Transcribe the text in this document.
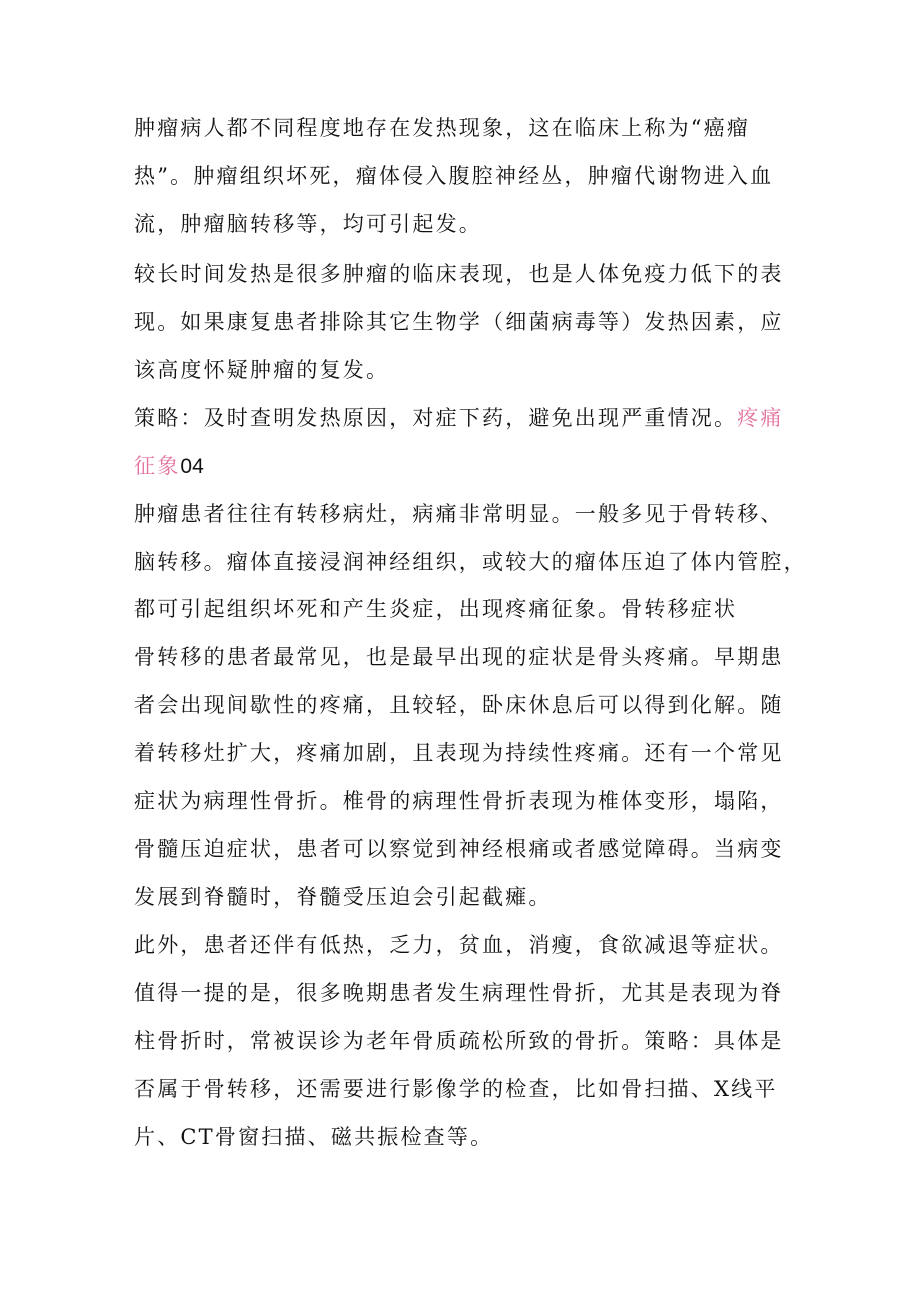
肿瘤病人都不同程度地存在发热现象，这在临床上称为“癌瘤
热”。肿瘤组织坏死，瘤体侵入腹腔神经丛，肿瘤代谢物进入血
流，肿瘤脑转移等，均可引起发。
较长时间发热是很多肿瘤的临床表现，也是人体免疫力低下的表
现。如果康复患者排除其它生物学（细菌病毒等）发热因素，应
该高度怀疑肿瘤的复发。
策略：及时查明发热原因，对症下药，避免出现严重情况。疼痛
征象04
肿瘤患者往往有转移病灶，病痛非常明显。一般多见于骨转移、
脑转移。瘤体直接浸润神经组织，或较大的瘤体压迫了体内管腔，
都可引起组织坏死和产生炎症，出现疼痛征象。骨转移症状
骨转移的患者最常见，也是最早出现的症状是骨头疼痛。早期患
者会出现间歇性的疼痛，且较轻，卧床休息后可以得到化解。随
着转移灶扩大，疼痛加剧，且表现为持续性疼痛。还有一个常见
症状为病理性骨折。椎骨的病理性骨折表现为椎体变形，塌陷，
骨髓压迫症状，患者可以察觉到神经根痛或者感觉障碍。当病变
发展到脊髓时，脊髓受压迫会引起截瘫。
此外，患者还伴有低热，乏力，贫血，消瘦，食欲减退等症状。
值得一提的是，很多晚期患者发生病理性骨折，尤其是表现为脊
柱骨折时，常被误诊为老年骨质疏松所致的骨折。策略：具体是
否属于骨转移，还需要进行影像学的检查，比如骨扫描、X线平
片、CT骨窗扫描、磁共振检查等。
